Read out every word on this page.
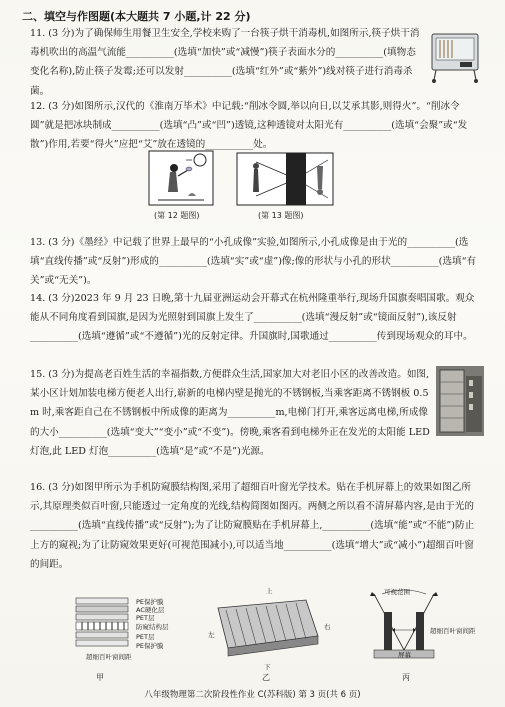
二、填空与作图题(本大题共 7 小题,计 22 分)

11. (3 分)为了确保师生用餐卫生安全,学校来购了一台筷子烘干消毒机,如图所示,筷子烘干消毒机吹出的高温气流能__________(选填“加快”或“减慢”)筷子表面水分的__________(填物态变化名称),防止筷子发霉;还可以发射__________(选填“红外”或“紫外”)线对筷子进行消毒杀菌。

12. (3 分)如图所示,汉代的《淮南万毕术》中记载:“削冰令圆,举以向日,以艾承其影,则得火”。“削冰令圆”就是把冰块制成__________(选填“凸”或“凹”)透镜,这种透镜对太阳光有__________(选填“会聚”或“发散”)作用,若要“得火”应把“艾”放在透镜的__________处。

(第 12 题图)	(第 13 题图)

13. (3 分)《墨经》中记载了世界上最早的“小孔成像”实验,如图所示,小孔成像是由于光的__________(选填“直线传播”或“反射”)形成的__________(选填“实”或“虚”)像;像的形状与小孔的形状__________(选填“有关”或“无关”)。

14. (3 分)2023 年 9 月 23 日晚,第十九届亚洲运动会开幕式在杭州隆重举行,现场升国旗奏唱国歌。观众能从不同角度看到国旗,是因为光照射到国旗上发生了__________(选填“漫反射”或“镜面反射”),该反射__________(选填“遵循”或“不遵循”)光的反射定律。升国旗时,国歌通过__________传到现场观众的耳中。

15. (3 分)为提高老百姓生活的幸福指数,方便群众生活,国家加大对老旧小区的改善改造。如图,某小区计划加装电梯方便老人出行,崭新的电梯内壁是抛光的不锈钢板,当乘客距离不锈钢板 0.5 m 时,乘客距自己在不锈钢板中所成像的距离为__________m,电梯门打开,乘客远离电梯,所成像的大小__________(选填“变大”“变小”或“不变”)。傍晚,乘客看到电梯外正在发光的太阳能 LED 灯泡,此 LED 灯泡__________(选填“是”或“不是”)光源。

16. (3 分)如图甲所示为手机防窥膜结构图,采用了超细百叶窗光学技术。贴在手机屏幕上的效果如图乙所示,其原理类似百叶窗,只能透过一定角度的光线,结构简图如图丙。两侧之所以看不清屏幕内容,是由于光的__________(选填“直线传播”或“反射”);为了让防窥膜贴在手机屏幕上,__________(选填“能”或“不能”)防止上方的窥视;为了让防窥效果更好(可视范围减小),可以适当地__________(选填“增大”或“减小”)超细百叶窗的间距。

PE保护膜
AC硬化层
PET层
防窥结构层
PET层
PE保护膜
超细百叶窗间距
甲
上
左
右
下
乙
可视范围
屏幕
超细百叶窗间距
丙
八年级物理第二次阶段性作业 C(苏科版) 第 3 页(共 6 页)
